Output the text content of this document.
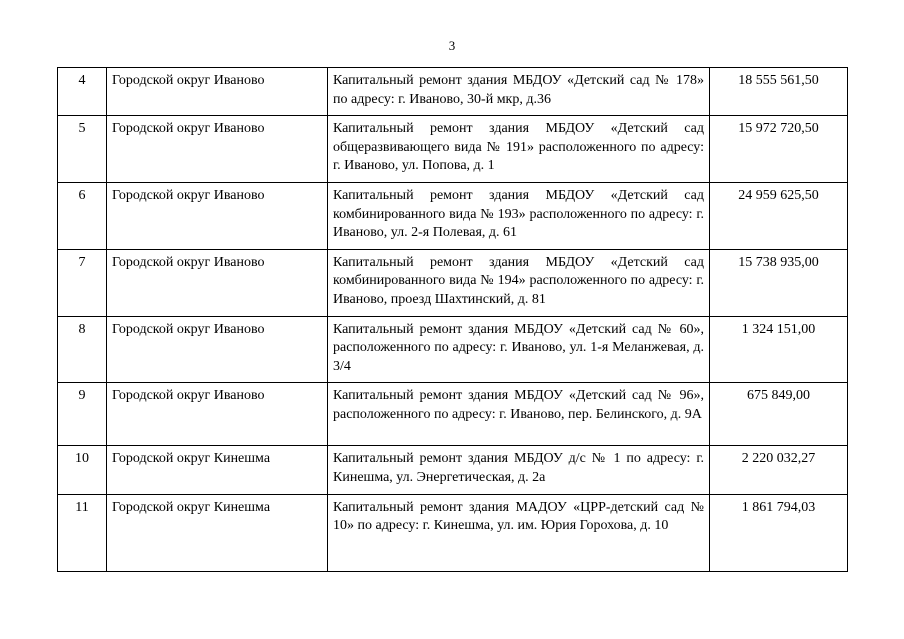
3
4	Городской округ Иваново	Капитальный ремонт здания МБДОУ «Детский сад № 178» по адресу: г. Иваново, 30-й мкр, д.36	18 555 561,50
5	Городской округ Иваново	Капитальный ремонт здания МБДОУ «Детский сад общеразвивающего вида № 191» расположенного по адресу: г. Иваново, ул. Попова, д. 1	15 972 720,50
6	Городской округ Иваново	Капитальный ремонт здания МБДОУ «Детский сад комбинированного вида № 193» расположенного по адресу: г. Иваново, ул. 2-я Полевая, д. 61	24 959 625,50
7	Городской округ Иваново	Капитальный ремонт здания МБДОУ «Детский сад комбинированного вида № 194» расположенного по адресу: г. Иваново, проезд Шахтинский, д. 81	15 738 935,00
8	Городской округ Иваново	Капитальный ремонт здания МБДОУ «Детский сад № 60», расположенного по адресу: г. Иваново, ул. 1-я Меланжевая, д. 3/4	1 324 151,00
9	Городской округ Иваново	Капитальный ремонт здания МБДОУ «Детский сад № 96», расположенного по адресу: г. Иваново, пер. Белинского, д. 9А	675 849,00
10	Городской округ Кинешма	Капитальный ремонт здания МБДОУ д/с № 1 по адресу: г. Кинешма, ул. Энергетическая, д. 2а	2 220 032,27
11	Городской округ Кинешма	Капитальный ремонт здания МАДОУ «ЦРР-детский сад № 10» по адресу: г. Кинешма, ул. им. Юрия Горохова, д. 10	1 861 794,03
